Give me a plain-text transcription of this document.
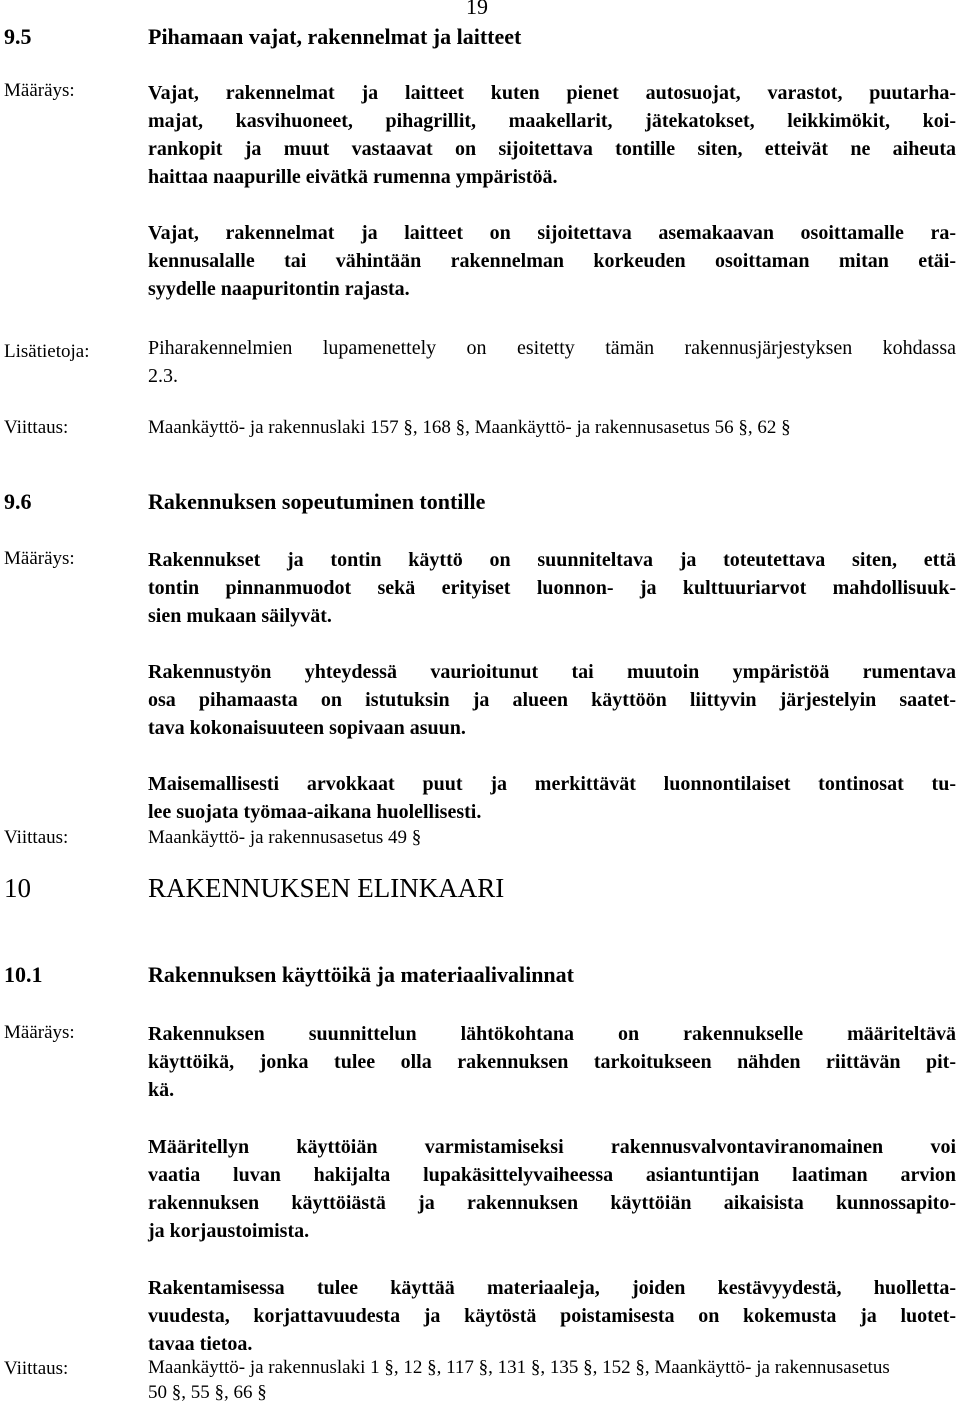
19
9.5	Pihamaan vajat, rakennelmat ja laitteet
Määräys:	Vajat, rakennelmat ja laitteet kuten pienet autosuojat, varastot, puutarha-
majat, kasvihuoneet, pihagrillit, maakellarit, jätekatokset, leikkimökit, koi-
rankopit ja muut vastaavat on sijoitettava tontille siten, etteivät ne aiheuta
haittaa naapurille eivätkä rumenna ympäristöä.
Vajat, rakennelmat ja laitteet on sijoitettava asemakaavan osoittamalle ra-
kennusalalle tai vähintään rakennelman korkeuden osoittaman mitan etäi-
syydelle naapuritontin rajasta.
Lisätietoja:	Piharakennelmien lupamenettely on esitetty tämän rakennusjärjestyksen kohdassa
2.3.
Viittaus:	Maankäyttö- ja rakennuslaki 157 §, 168 §, Maankäyttö- ja rakennusasetus 56 §, 62 §
9.6	Rakennuksen sopeutuminen tontille
Määräys:	Rakennukset ja tontin käyttö on suunniteltava ja toteutettava siten, että
tontin pinnanmuodot sekä erityiset luonnon- ja kulttuuriarvot mahdollisuuk-
sien mukaan säilyvät.
Rakennustyön yhteydessä vaurioitunut tai muutoin ympäristöä rumentava
osa pihamaasta on istutuksin ja alueen käyttöön liittyvin järjestelyin saatet-
tava kokonaisuuteen sopivaan asuun.
Maisemallisesti arvokkaat puut ja merkittävät luonnontilaiset tontinosat tu-
lee suojata työmaa-aikana huolellisesti.
Viittaus:	Maankäyttö- ja rakennusasetus 49 §
10	RAKENNUKSEN ELINKAARI
10.1	Rakennuksen käyttöikä ja materiaalivalinnat
Määräys:	Rakennuksen suunnittelun lähtökohtana on rakennukselle määriteltävä
käyttöikä, jonka tulee olla rakennuksen tarkoitukseen nähden riittävän pit-
kä.
Määritellyn käyttöiän varmistamiseksi rakennusvalvontaviranomainen voi
vaatia luvan hakijalta lupakäsittelyvaiheessa asiantuntijan laatiman arvion
rakennuksen käyttöiästä ja rakennuksen käyttöiän aikaisista kunnossapito-
ja korjaustoimista.
Rakentamisessa tulee käyttää materiaaleja, joiden kestävyydestä, huolletta-
vuudesta, korjattavuudesta ja käytöstä poistamisesta on kokemusta ja luotet-
tavaa tietoa.
Viittaus:	Maankäyttö- ja rakennuslaki 1 §, 12 §, 117 §, 131 §, 135 §, 152 §, Maankäyttö- ja rakennusasetus
50 §, 55 §, 66 §
